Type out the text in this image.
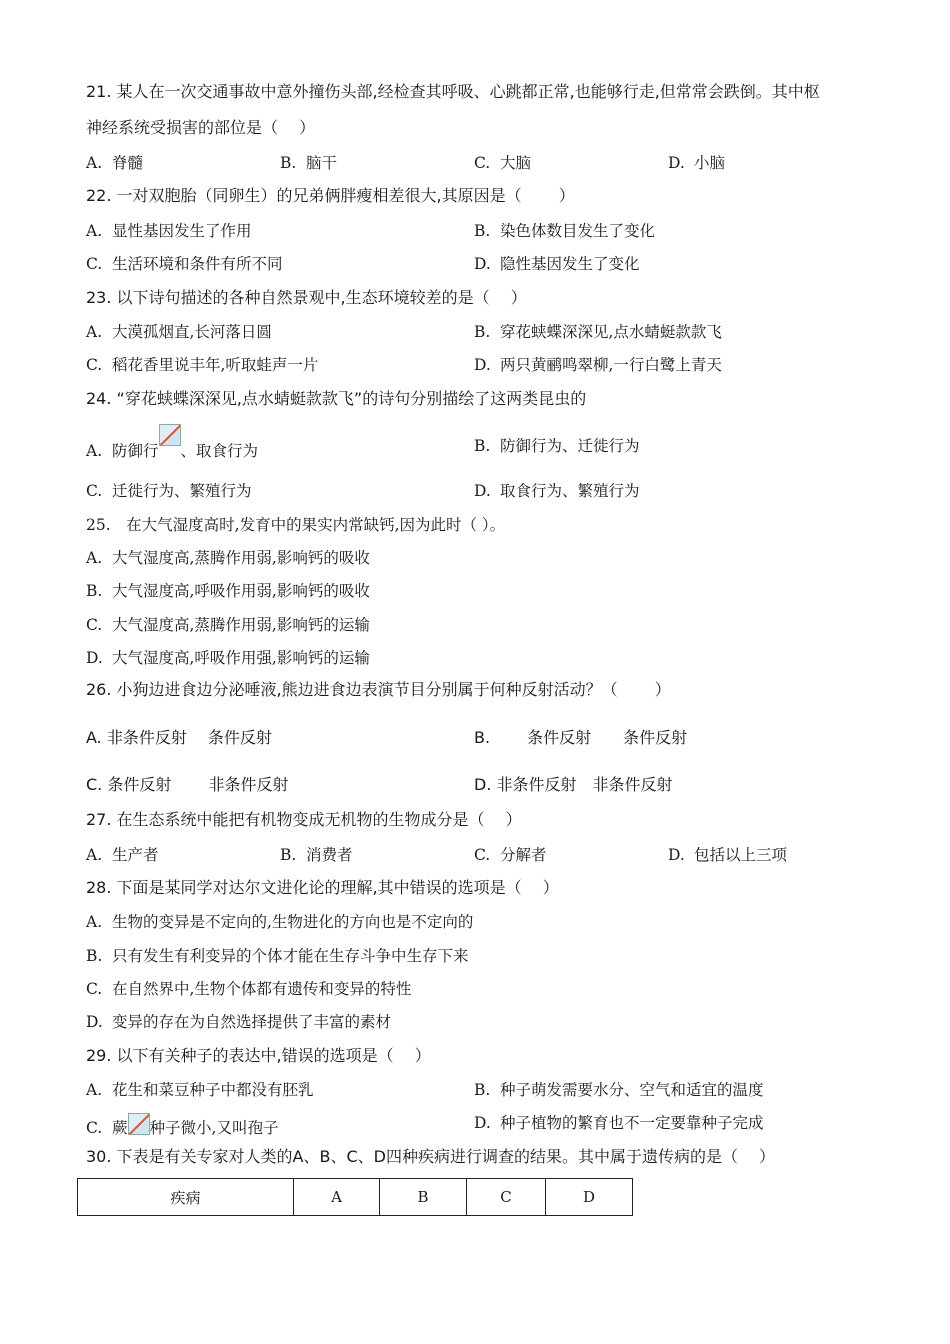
21. 某人在一次交通事故中意外撞伤头部,经检查其呼吸、心跳都正常,也能够行走,但常常会跌倒。其中枢
神经系统受损害的部位是（　 ）
A. 脊髓	B. 脑干	C. 大脑	D. 小脑
22. 一对双胞胎（同卵生）的兄弟俩胖瘦相差很大,其原因是（　　 ）
A. 显性基因发生了作用	B. 染色体数目发生了变化
C. 生活环境和条件有所不同	D. 隐性基因发生了变化
23. 以下诗句描述的各种自然景观中,生态环境较差的是（　 ）
A. 大漠孤烟直,长河落日圆	B. 穿花蛱蝶深深见,点水蜻蜓款款飞
C. 稻花香里说丰年,听取蛙声一片	D. 两只黄鹂鸣翠柳,一行白鹭上青天
24. “穿花蛱蝶深深见,点水蜻蜓款款飞”的诗句分别描绘了这两类昆虫的
A. 防御行 、取食行为	B. 防御行为、迁徙行为
C. 迁徙行为、繁殖行为	D. 取食行为、繁殖行为
25.　在大气湿度高时,发育中的果实内常缺钙,因为此时（ ）。
A. 大气湿度高,蒸腾作用弱,影响钙的吸收
B. 大气湿度高,呼吸作用弱,影响钙的吸收
C. 大气湿度高,蒸腾作用弱,影响钙的运输
D. 大气湿度高,呼吸作用强,影响钙的运输
26. 小狗边进食边分泌唾液,熊边进食边表演节目分别属于何种反射活动？（　　 ）
A. 非条件反射　 条件反射	B. 　　条件反射　　条件反射
C. 条件反射　　 非条件反射	D. 非条件反射　非条件反射
27. 在生态系统中能把有机物变成无机物的生物成分是（　 ）
A. 生产者	B. 消费者	C. 分解者	D. 包括以上三项
28. 下面是某同学对达尔文进化论的理解,其中错误的选项是（　 ）
A. 生物的变异是不定向的,生物进化的方向也是不定向的
B. 只有发生有利变异的个体才能在生存斗争中生存下来
C. 在自然界中,生物个体都有遗传和变异的特性
D. 变异的存在为自然选择提供了丰富的素材
29. 以下有关种子的表达中,错误的选项是（　 ）
A. 花生和菜豆种子中都没有胚乳	B. 种子萌发需要水分、空气和适宜的温度
C. 蕨 种子微小,又叫孢子	D. 种子植物的繁育也不一定要靠种子完成
30. 下表是有关专家对人类的A、B、C、D四种疾病进行调查的结果。其中属于遗传病的是（　 ）
疾病	A	B	C	D
